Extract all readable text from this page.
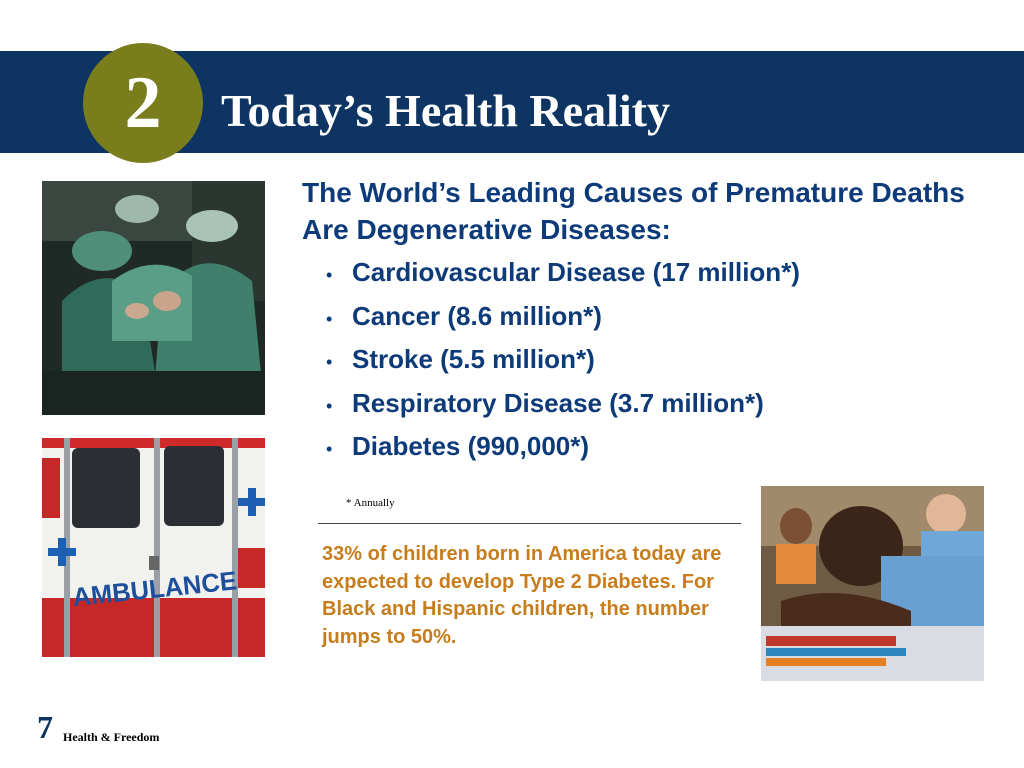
2 Today’s Health Reality
AMBULANCE

The World’s Leading Causes of Premature Deaths Are Degenerative Diseases:

• Cardiovascular Disease (17 million*)
• Cancer (8.6 million*)
• Stroke (5.5 million*)
• Respiratory Disease (3.7 million*)
• Diabetes (990,000*)

* Annually

33% of children born in America today are expected to develop Type 2 Diabetes. For Black and Hispanic children, the number jumps to 50%.

7 Health & Freedom
